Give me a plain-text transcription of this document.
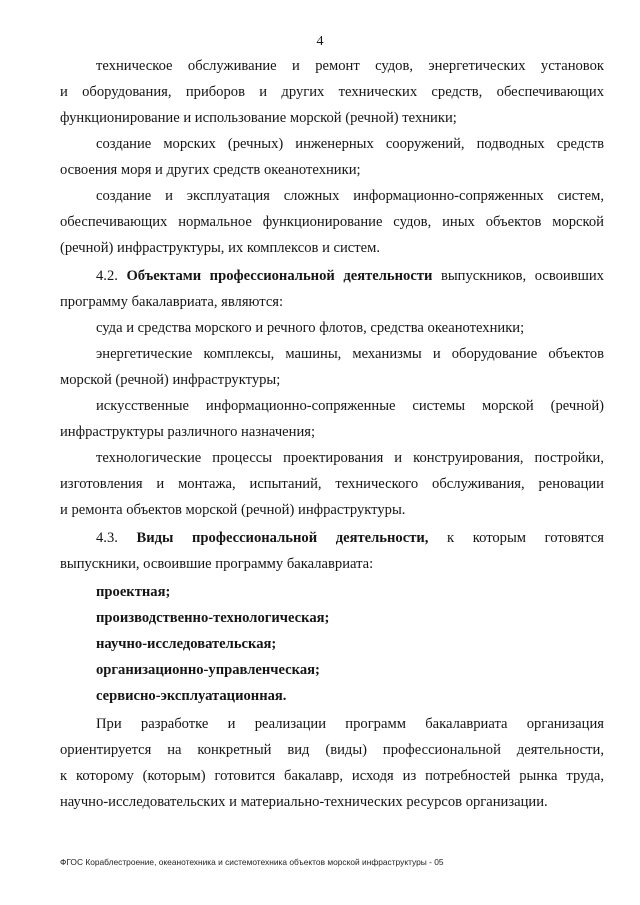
4
техническое обслуживание и ремонт судов, энергетических установок
и оборудования, приборов и других технических средств, обеспечивающих
функционирование и использование морской (речной) техники;
создание морских (речных) инженерных сооружений, подводных средств
освоения моря и других средств океанотехники;
создание и эксплуатация сложных информационно-сопряженных систем,
обеспечивающих нормальное функционирование судов, иных объектов морской
(речной) инфраструктуры, их комплексов и систем.
4.2. Объектами профессиональной деятельности выпускников, освоивших
программу бакалавриата, являются:
суда и средства морского и речного флотов, средства океанотехники;
энергетические комплексы, машины, механизмы и оборудование объектов
морской (речной) инфраструктуры;
искусственные информационно-сопряженные системы морской (речной)
инфраструктуры различного назначения;
технологические процессы проектирования и конструирования, постройки,
изготовления и монтажа, испытаний, технического обслуживания, реновации
и ремонта объектов морской (речной) инфраструктуры.
4.3. Виды профессиональной деятельности, к которым готовятся
выпускники, освоившие программу бакалавриата:
проектная;
производственно-технологическая;
научно-исследовательская;
организационно-управленческая;
сервисно-эксплуатационная.
При разработке и реализации программ бакалавриата организация
ориентируется на конкретный вид (виды) профессиональной деятельности,
к которому (которым) готовится бакалавр, исходя из потребностей рынка труда,
научно-исследовательских и материально-технических ресурсов организации.
ФГОС Кораблестроение, океанотехника и системотехника объектов морской инфраструктуры - 05
